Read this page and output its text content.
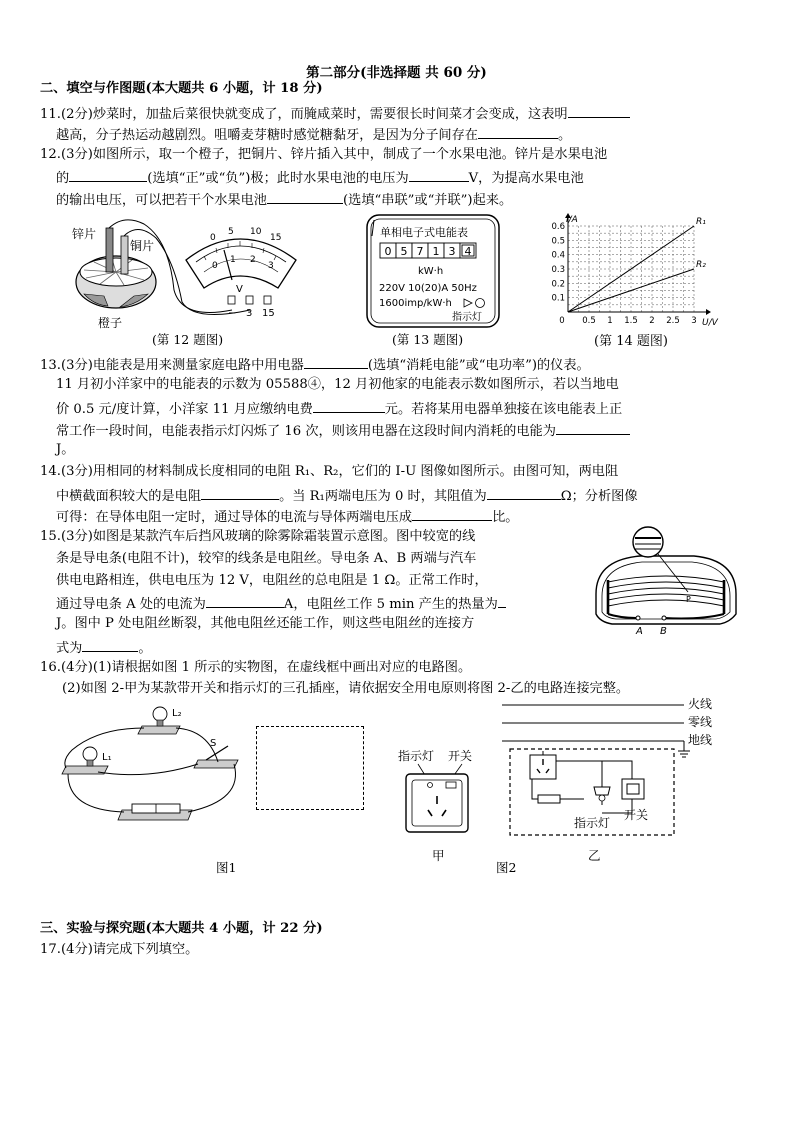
第二部分(非选择题 共 60 分)
二、填空与作图题(本大题共 6 小题，计 18 分)
11.(2分)炒菜时，加盐后菜很快就变成了，而腌咸菜时，需要很长时间菜才会变成，这表明
越高，分子热运动越剧烈。咀嚼麦芽糖时感觉糖黏牙，是因为分子间存在	。
12.(3分)如图所示，取一个橙子，把铜片、锌片插入其中，制成了一个水果电池。锌片是水果电池
的	(选填“正”或“负”)极；此时水果电池的电压为	V，为提高水果电池
的输出电压，可以把若干个水果电池	(选填“串联”或“并联”)起来。
锌片
铜片
橙子
0
5 10
15
0
1 2
3
V
− 3 15
(第 12 题图)
单相电子式电能表
0 5 7 1 3 4
kW·h
220V 10(20)A 50Hz
1600imp/kW·h
指示灯
(第 13 题图)
0 0.5 1 1.5 2 2.5 3
0.1
0.2
0.3
0.4
0.5
0.6	R₁
R₂
I/A
U/V
(第 14 题图)
13.(3分)电能表是用来测量家庭电路中用电器	(选填“消耗电能”或“电功率”)的仪表。
11 月初小洋家中的电能表的示数为 05588④，12 月初他家的电能表示数如图所示，若以当地电
价 0.5 元/度计算，小洋家 11 月应缴纳电费	元。若将某用电器单独接在该电能表上正
常工作一段时间，电能表指示灯闪烁了 16 次，则该用电器在这段时间内消耗的电能为
J。
14.(3分)用相同的材料制成长度相同的电阻 R₁、R₂，它们的 I-U 图像如图所示。由图可知，两电阻
中横截面积较大的是电阻	。当 R₁两端电压为 0 时，其阻值为	Ω；分析图像
可得：在导体电阻一定时，通过导体的电流与导体两端电压成	比。
15.(3分)如图是某款汽车后挡风玻璃的除雾除霜装置示意图。图中较宽的线
条是导电条(电阻不计)，较窄的线条是电阻丝。导电条 A、B 两端与汽车
供电电路相连，供电电压为 12 V，电阻丝的总电阻是 1 Ω。正常工作时，
通过导电条 A 处的电流为	A，电阻丝工作 5 min 产生的热量为
J。图中 P 处电阻丝断裂，其他电阻丝还能工作，则这些电阻丝的连接方
式为	。
P
A B
16.(4分)(1)请根据如图 1 所示的实物图，在虚线框中画出对应的电路图。
(2)如图 2-甲为某款带开关和指示灯的三孔插座，请依据安全用电原则将图 2-乙的电路连接完整。
L₂
L₁
S
图1
指示灯 开关
甲
图2
火线
零线
地线
指示灯
开关
乙
三、实验与探究题(本大题共 4 小题，计 22 分)
17.(4分)请完成下列填空。
